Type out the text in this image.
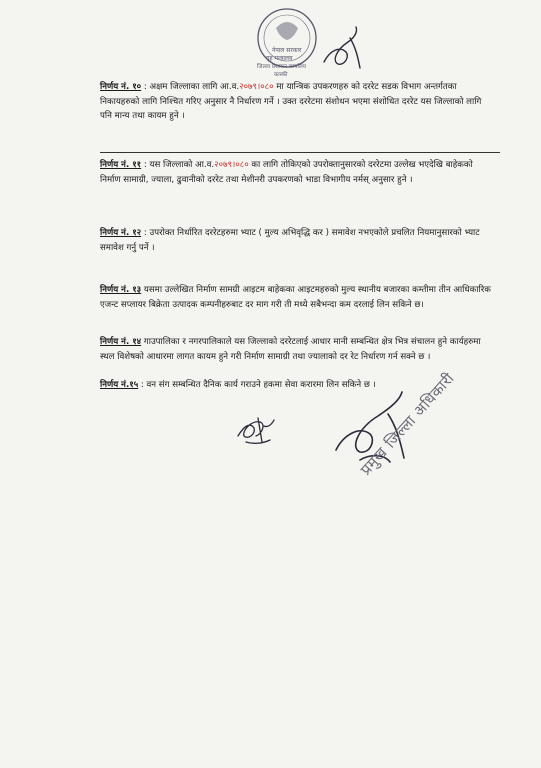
नेपाल सरकार
गृह मन्त्रालय
जिल्ला प्रशासन कार्यालय
कास्की

निर्णय नं. १० : अक्षम जिल्लाका लागि आ.व.२०७९।०८० मा यान्त्रिक उपकरणहरु को दररेट सडक विभाग अन्तर्गतका निकायहरुको लागि निश्चित गरिए अनुसार नै निर्धारण गर्ने । उक्त दररेटमा संशोधन भएमा संशोधित दररेट यस जिल्लाको लागि पनि मान्य तथा कायम हुने ।

निर्णय नं. ११ : यस जिल्लाको आ.व.२०७९।०८० का लागि तोकिएको उपरोक्तानुसारको दररेटमा उल्लेख भएदेखि बाहेकको निर्माण सामाग्री, ज्याला, ढुवानीको दररेट तथा मेशीनरी उपकरणको भाडा विभागीय नर्मस् अनुसार हुने ।

निर्णय नं. १२ : उपरोक्त निर्धारित दररेटहरुमा भ्याट ( मुल्य अभिवृद्धि कर ) समावेश नभएकोले प्रचलित नियमानुसारको भ्याट समावेश गर्नु पर्ने ।

निर्णय नं. १३ यसमा उल्लेखित निर्माण सामग्री आइटम बाहेकका आइटमहरुको मुल्य स्थानीय बजारका कम्तीमा तीन आधिकारिक एजन्ट सप्लायर बिक्रेता उत्पादक कम्पनीहरुबाट दर माग गरी ती मध्ये सबैभन्दा कम दरलाई लिन सकिने छ।

निर्णय नं. १४ गाउपालिका र नगरपालिकाले यस जिल्लाको दररेटलाई आधार मानी सम्बन्धित क्षेत्र भित्र संचालन हुने कार्यहरुमा स्थल विशेषको आधारमा लागत कायम हुने गरी निर्माण सामाग्री तथा ज्यालाको दर रेट निर्धारण गर्न सक्ने छ ।

निर्णय नं.१५ : वन संग सम्बन्धित दैनिक कार्य गराउने हकमा सेवा करारमा लिन सकिने छ ।

प्रमुख जिल्ला अधिकारी
